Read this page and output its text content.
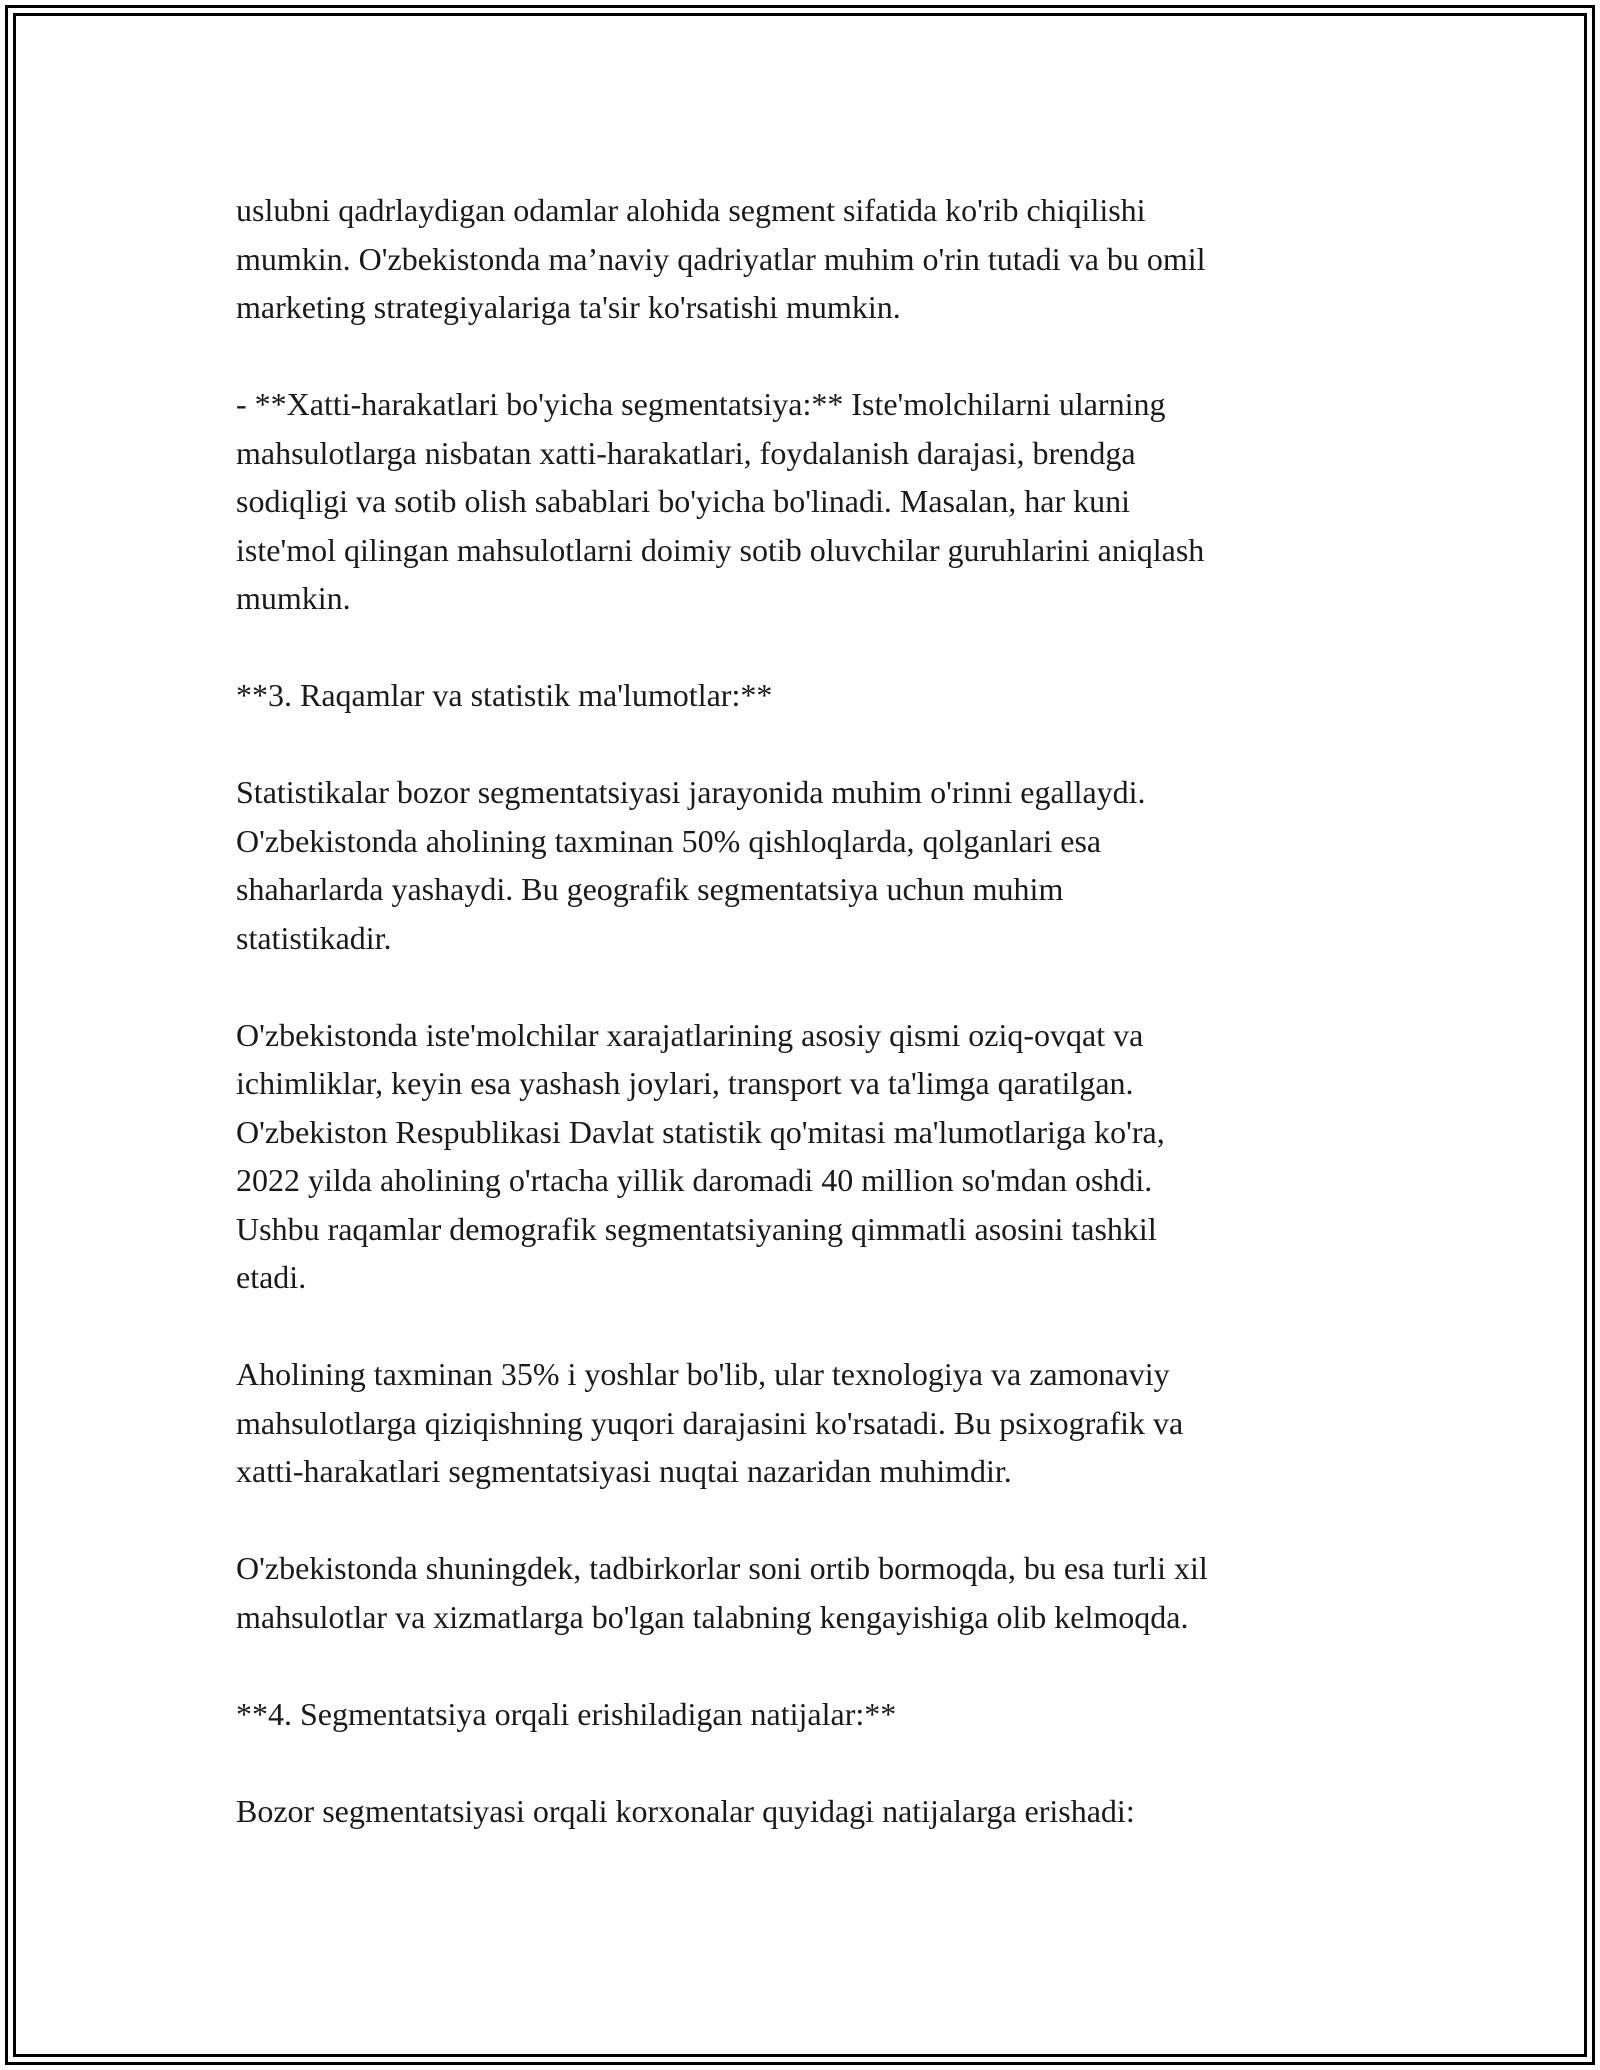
uslubni qadrlaydigan odamlar alohida segment sifatida ko'rib chiqilishi
mumkin. O'zbekistonda ma’naviy qadriyatlar muhim o'rin tutadi va bu omil
marketing strategiyalariga ta'sir ko'rsatishi mumkin.

- **Xatti-harakatlari bo'yicha segmentatsiya:** Iste'molchilarni ularning
mahsulotlarga nisbatan xatti-harakatlari, foydalanish darajasi, brendga
sodiqligi va sotib olish sabablari bo'yicha bo'linadi. Masalan, har kuni
iste'mol qilingan mahsulotlarni doimiy sotib oluvchilar guruhlarini aniqlash
mumkin.

**3. Raqamlar va statistik ma'lumotlar:**

Statistikalar bozor segmentatsiyasi jarayonida muhim o'rinni egallaydi.
O'zbekistonda aholining taxminan 50% qishloqlarda, qolganlari esa
shaharlarda yashaydi. Bu geografik segmentatsiya uchun muhim
statistikadir.

O'zbekistonda iste'molchilar xarajatlarining asosiy qismi oziq-ovqat va
ichimliklar, keyin esa yashash joylari, transport va ta'limga qaratilgan.
O'zbekiston Respublikasi Davlat statistik qo'mitasi ma'lumotlariga ko'ra,
2022 yilda aholining o'rtacha yillik daromadi 40 million so'mdan oshdi.
Ushbu raqamlar demografik segmentatsiyaning qimmatli asosini tashkil
etadi.

Aholining taxminan 35% i yoshlar bo'lib, ular texnologiya va zamonaviy
mahsulotlarga qiziqishning yuqori darajasini ko'rsatadi. Bu psixografik va
xatti-harakatlari segmentatsiyasi nuqtai nazaridan muhimdir.

O'zbekistonda shuningdek, tadbirkorlar soni ortib bormoqda, bu esa turli xil
mahsulotlar va xizmatlarga bo'lgan talabning kengayishiga olib kelmoqda.

**4. Segmentatsiya orqali erishiladigan natijalar:**

Bozor segmentatsiyasi orqali korxonalar quyidagi natijalarga erishadi:
